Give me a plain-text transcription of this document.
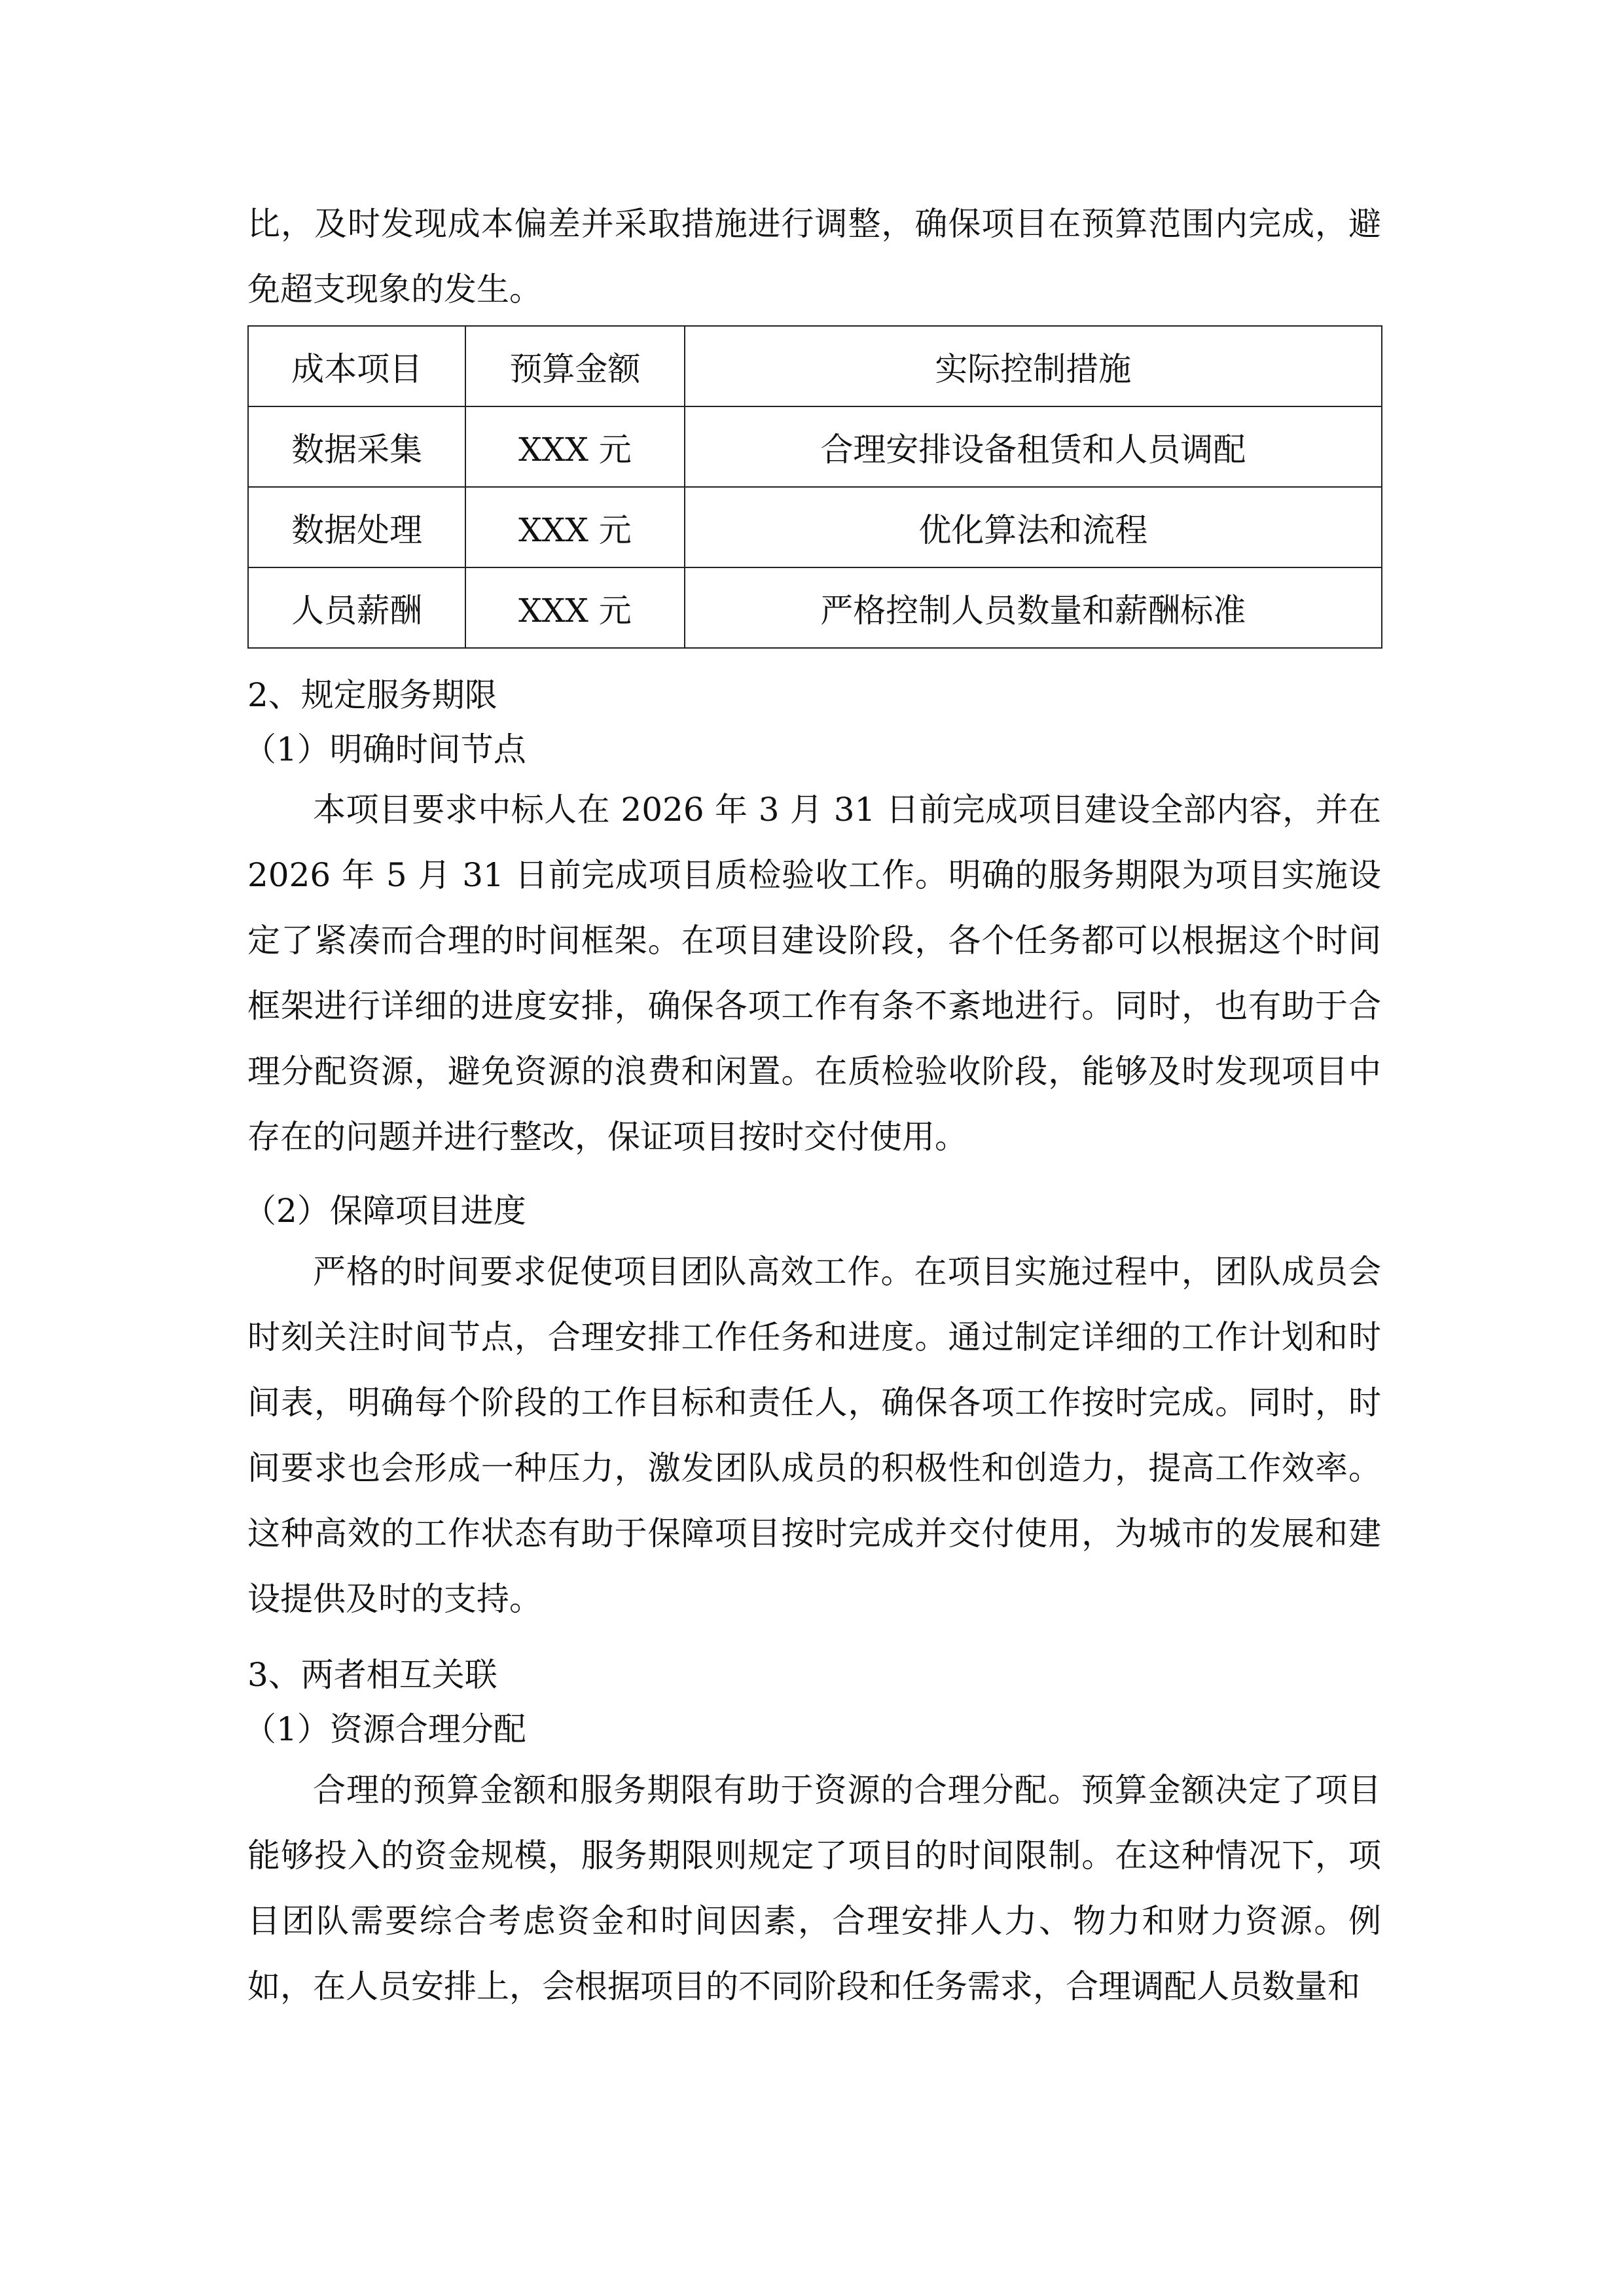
比，及时发现成本偏差并采取措施进行调整，确保项目在预算范围内完成，避免超支现象的发生。
成本项目	预算金额	实际控制措施
数据采集	XXX 元	合理安排设备租赁和人员调配
数据处理	XXX 元	优化算法和流程
人员薪酬	XXX 元	严格控制人员数量和薪酬标准
2、规定服务期限
（1）明确时间节点
本项目要求中标人在 2026 年 3 月 31 日前完成项目建设全部内容，并在 2026 年 5 月 31 日前完成项目质检验收工作。明确的服务期限为项目实施设定了紧凑而合理的时间框架。在项目建设阶段，各个任务都可以根据这个时间框架进行详细的进度安排，确保各项工作有条不紊地进行。同时，也有助于合理分配资源，避免资源的浪费和闲置。在质检验收阶段，能够及时发现项目中存在的问题并进行整改，保证项目按时交付使用。
（2）保障项目进度
严格的时间要求促使项目团队高效工作。在项目实施过程中，团队成员会时刻关注时间节点，合理安排工作任务和进度。通过制定详细的工作计划和时间表，明确每个阶段的工作目标和责任人，确保各项工作按时完成。同时，时间要求也会形成一种压力，激发团队成员的积极性和创造力，提高工作效率。这种高效的工作状态有助于保障项目按时完成并交付使用，为城市的发展和建设提供及时的支持。
3、两者相互关联
（1）资源合理分配
合理的预算金额和服务期限有助于资源的合理分配。预算金额决定了项目能够投入的资金规模，服务期限则规定了项目的时间限制。在这种情况下，项目团队需要综合考虑资金和时间因素，合理安排人力、物力和财力资源。例如，在人员安排上，会根据项目的不同阶段和任务需求，合理调配人员数量和
